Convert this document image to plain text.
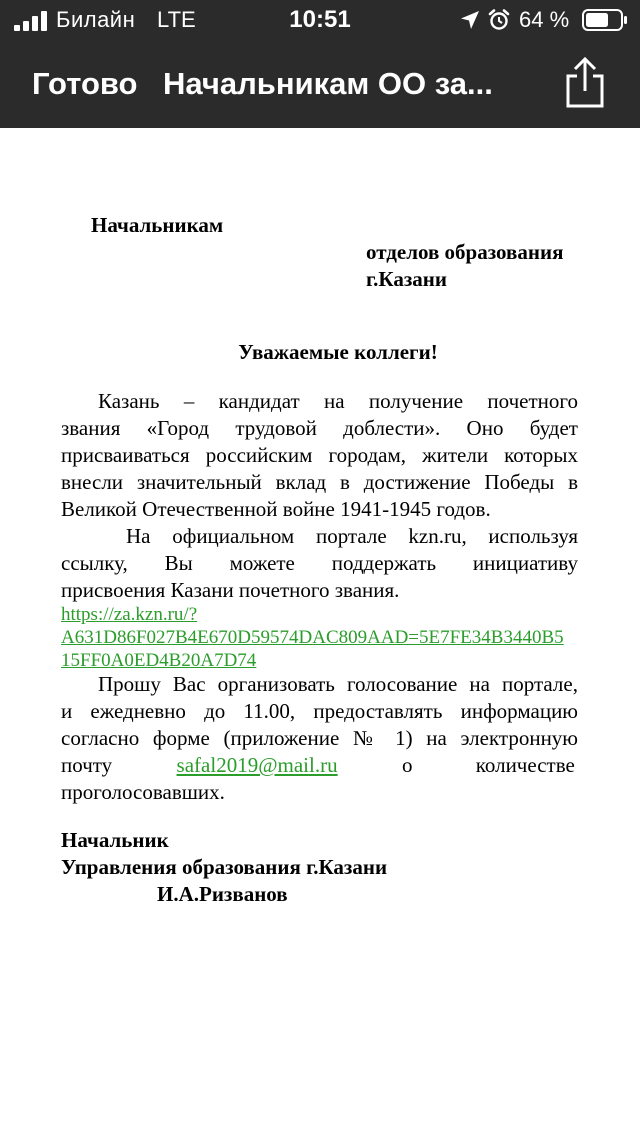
Билайн LTE	10:51	64 %
Готово Начальникам ОО за...
Начальникам
отделов образования
г.Казани
Уважаемые коллеги!
Казань – кандидат на получение почетного
звания «Город трудовой доблести». Оно будет
присваиваться российским городам, жители которых
внесли значительный вклад в достижение Победы в
Великой Отечественной войне 1941-1945 годов.
На официальном портале kzn.ru, используя
ссылку, Вы можете поддержать инициативу
присвоения Казани почетного звания.
https://za.kzn.ru/?
A631D86F027B4E670D59574DAC809AAD=5E7FE34B3440B5
15FF0A0ED4B20A7D74
Прошу Вас организовать голосование на портале,
и ежедневно до 11.00, предоставлять информацию
согласно форме (приложение № 1) на электронную
почту	safal2019@mail.ru	о количестве
проголосовавших.
Начальник
Управления образования г.Казани
И.А.Ризванов
